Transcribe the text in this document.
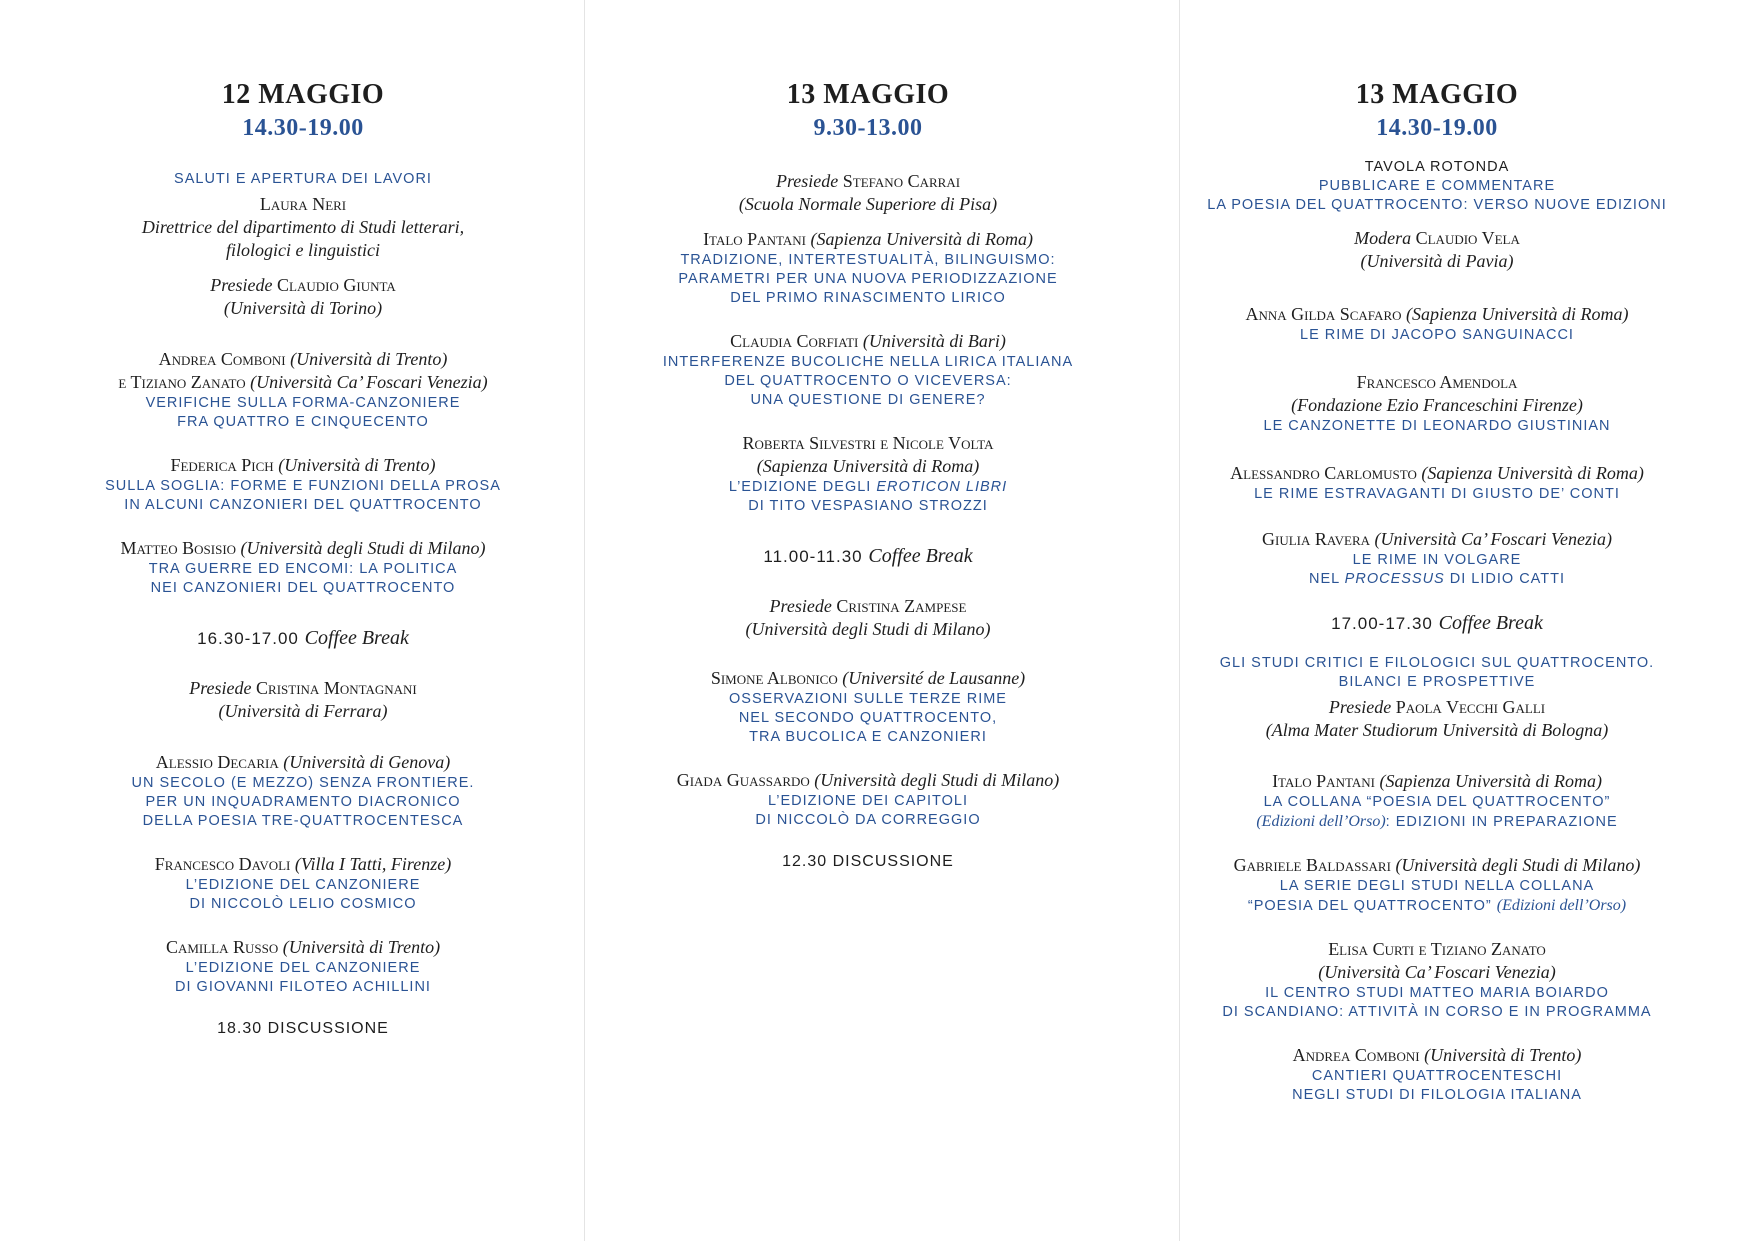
12 MAGGIO
14.30-19.00
SALUTI E APERTURA DEI LAVORI
Laura Neri
Direttrice del dipartimento di Studi letterari,
filologici e linguistici
Presiede Claudio Giunta
(Università di Torino)
Andrea Comboni (Università di Trento)
e Tiziano Zanato (Università Ca’ Foscari Venezia)
VERIFICHE SULLA FORMA-CANZONIERE
FRA QUATTRO E CINQUECENTO
Federica Pich (Università di Trento)
SULLA SOGLIA: FORME E FUNZIONI DELLA PROSA
IN ALCUNI CANZONIERI DEL QUATTROCENTO
Matteo Bosisio (Università degli Studi di Milano)
TRA GUERRE ED ENCOMI: LA POLITICA
NEI CANZONIERI DEL QUATTROCENTO
16.30-17.00 Coffee Break
Presiede Cristina Montagnani
(Università di Ferrara)
Alessio Decaria (Università di Genova)
UN SECOLO (E MEZZO) SENZA FRONTIERE.
PER UN INQUADRAMENTO DIACRONICO
DELLA POESIA TRE-QUATTROCENTESCA
Francesco Davoli (Villa I Tatti, Firenze)
L’EDIZIONE DEL CANZONIERE
DI NICCOLÒ LELIO COSMICO
Camilla Russo (Università di Trento)
L’EDIZIONE DEL CANZONIERE
DI GIOVANNI FILOTEO ACHILLINI
18.30 DISCUSSIONE
13 MAGGIO
9.30-13.00
Presiede Stefano Carrai
(Scuola Normale Superiore di Pisa)
Italo Pantani (Sapienza Università di Roma)
TRADIZIONE, INTERTESTUALITÀ, BILINGUISMO:
PARAMETRI PER UNA NUOVA PERIODIZZAZIONE
DEL PRIMO RINASCIMENTO LIRICO
Claudia Corfiati (Università di Bari)
INTERFERENZE BUCOLICHE NELLA LIRICA ITALIANA
DEL QUATTROCENTO O VICEVERSA:
UNA QUESTIONE DI GENERE?
Roberta Silvestri e Nicole Volta
(Sapienza Università di Roma)
L’EDIZIONE DEGLI EROTICON LIBRI
DI TITO VESPASIANO STROZZI
11.00-11.30 Coffee Break
Presiede Cristina Zampese
(Università degli Studi di Milano)
Simone Albonico (Université de Lausanne)
OSSERVAZIONI SULLE TERZE RIME
NEL SECONDO QUATTROCENTO,
TRA BUCOLICA E CANZONIERI
Giada Guassardo (Università degli Studi di Milano)
L’EDIZIONE DEI CAPITOLI
DI NICCOLÒ DA CORREGGIO
12.30 DISCUSSIONE
13 MAGGIO
14.30-19.00
TAVOLA ROTONDA
PUBBLICARE E COMMENTARE
LA POESIA DEL QUATTROCENTO: VERSO NUOVE EDIZIONI
Modera Claudio Vela
(Università di Pavia)
Anna Gilda Scafaro (Sapienza Università di Roma)
LE RIME DI JACOPO SANGUINACCI
Francesco Amendola
(Fondazione Ezio Franceschini Firenze)
LE CANZONETTE DI LEONARDO GIUSTINIAN
Alessandro Carlomusto (Sapienza Università di Roma)
LE RIME ESTRAVAGANTI DI GIUSTO DE’ CONTI
Giulia Ravera (Università Ca’ Foscari Venezia)
LE RIME IN VOLGARE
NEL PROCESSUS DI LIDIO CATTI
17.00-17.30 Coffee Break
GLI STUDI CRITICI E FILOLOGICI SUL QUATTROCENTO.
BILANCI E PROSPETTIVE
Presiede Paola Vecchi Galli
(Alma Mater Studiorum Università di Bologna)
Italo Pantani (Sapienza Università di Roma)
LA COLLANA “POESIA DEL QUATTROCENTO”
(Edizioni dell’Orso): EDIZIONI IN PREPARAZIONE
Gabriele Baldassari (Università degli Studi di Milano)
LA SERIE DEGLI STUDI NELLA COLLANA
“POESIA DEL QUATTROCENTO” (Edizioni dell’Orso)
Elisa Curti e Tiziano Zanato
(Università Ca’ Foscari Venezia)
IL CENTRO STUDI MATTEO MARIA BOIARDO
DI SCANDIANO: ATTIVITÀ IN CORSO E IN PROGRAMMA
Andrea Comboni (Università di Trento)
CANTIERI QUATTROCENTESCHI
NEGLI STUDI DI FILOLOGIA ITALIANA
